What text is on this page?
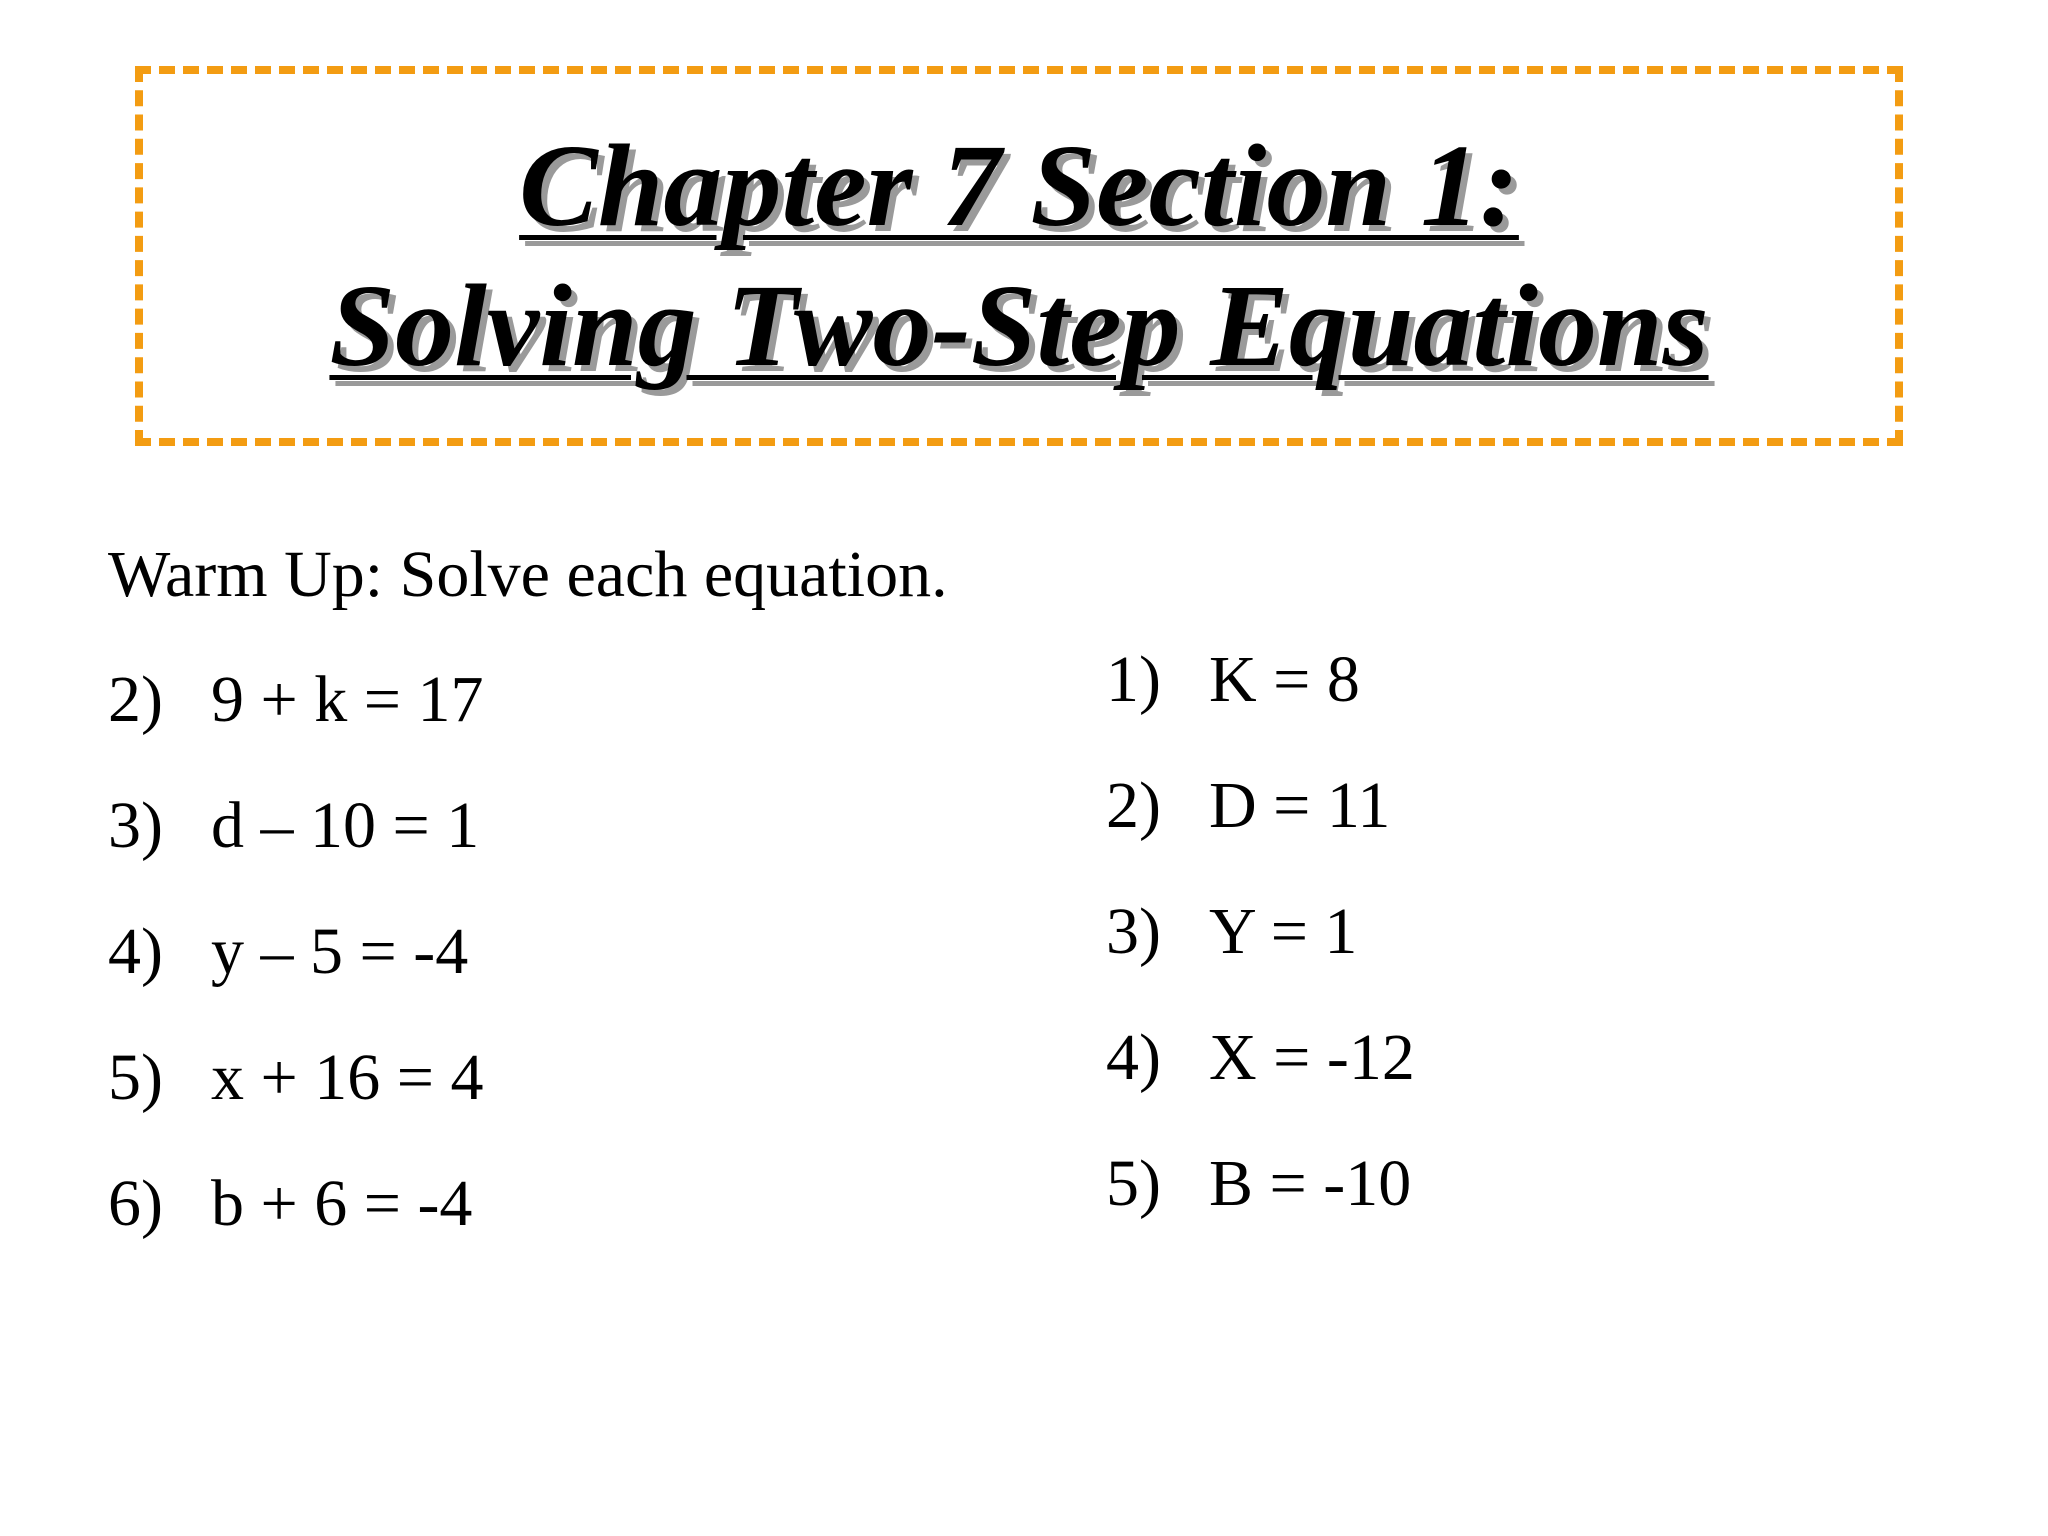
Chapter 7 Section 1:
Solving Two-Step Equations
Warm Up: Solve each equation.
2) 9 + k = 17
3) d – 10 = 1
4) y – 5 = -4
5) x + 16 = 4
6) b + 6 = -4
1) K = 8
2) D = 11
3) Y = 1
4) X = -12
5) B = -10
